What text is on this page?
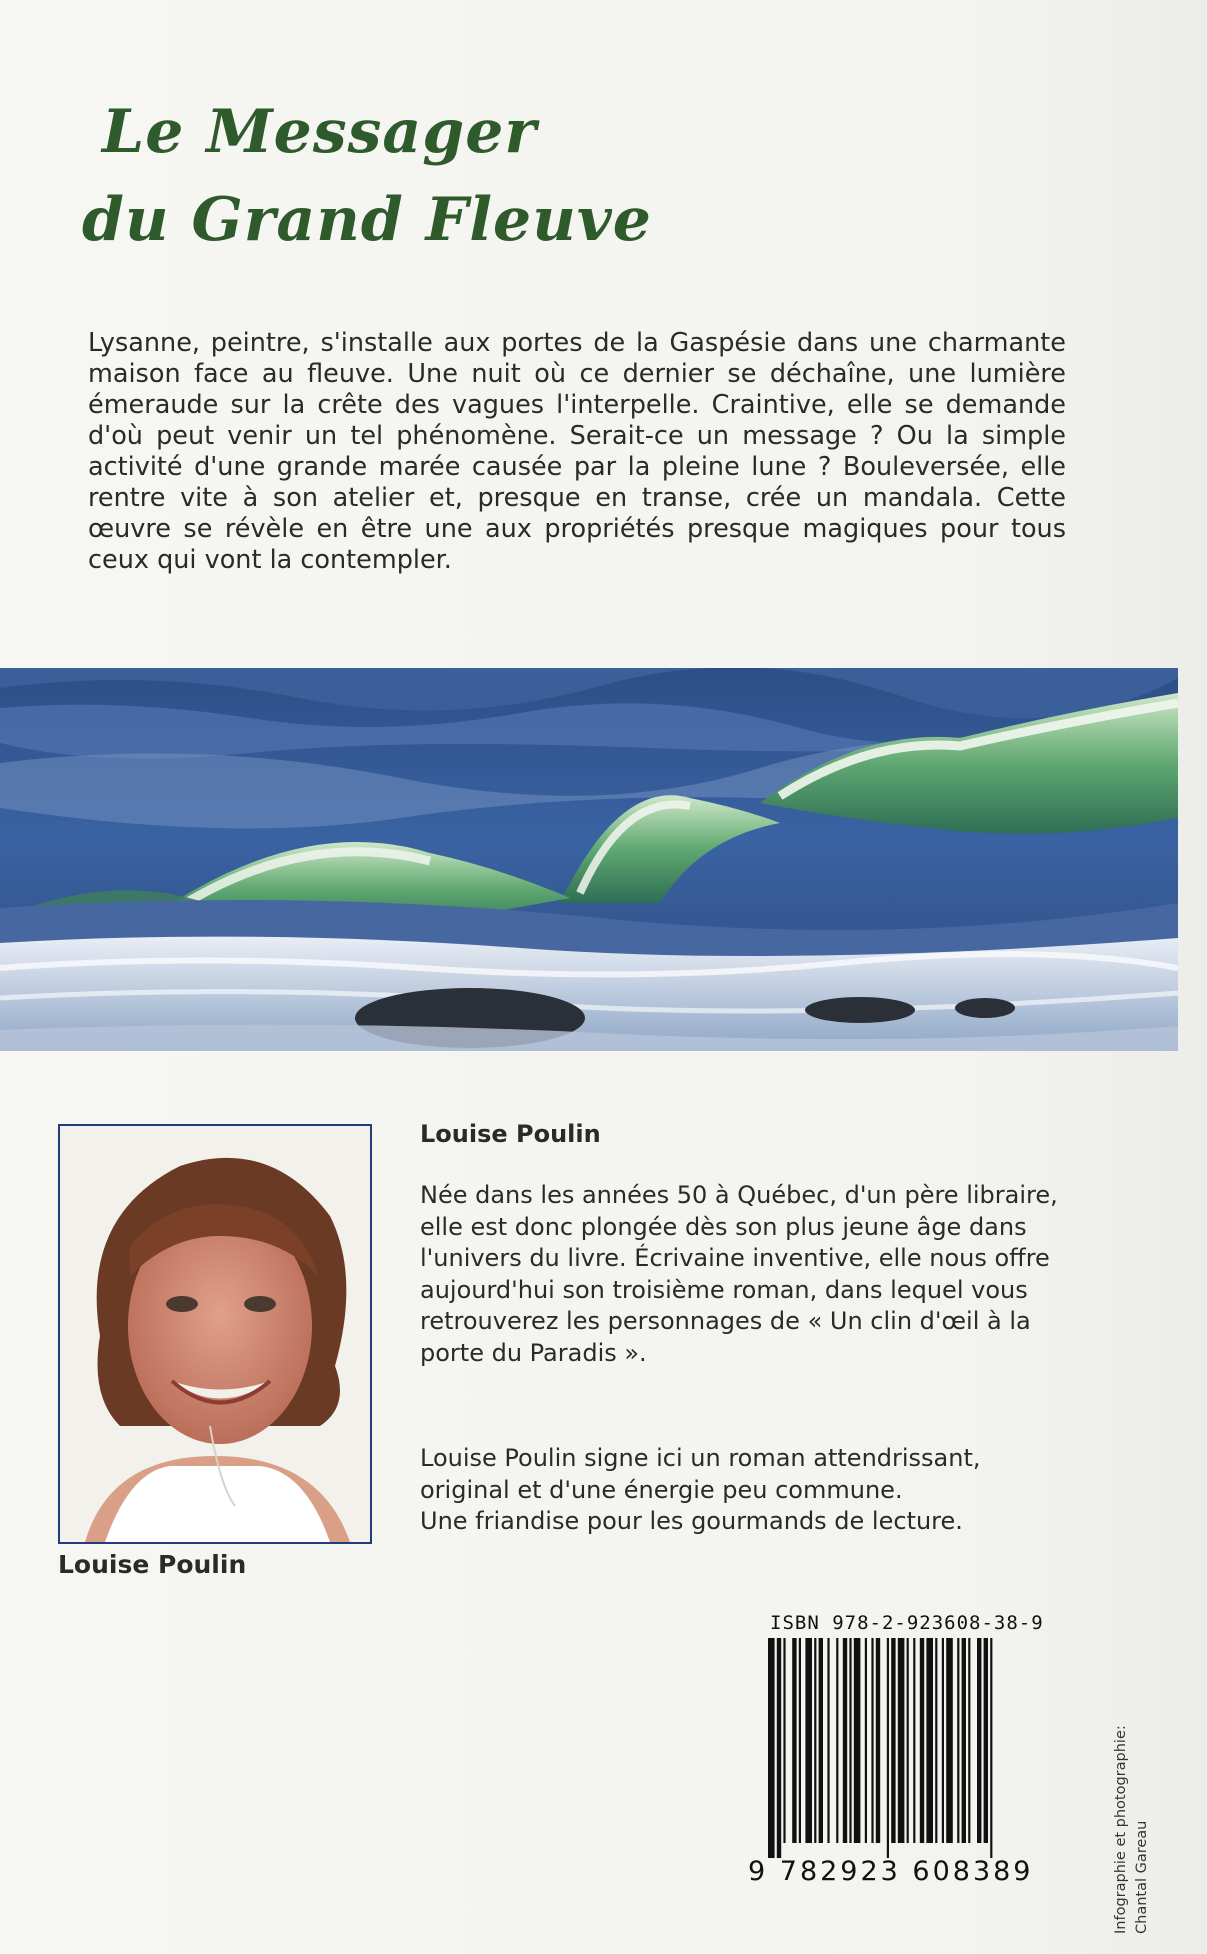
Le Messager
du Grand Fleuve

Lysanne, peintre, s'installe aux portes de la Gaspésie dans une charmante maison face au fleuve. Une nuit où ce dernier se déchaîne, une lumière émeraude sur la crête des vagues l'interpelle. Craintive, elle se demande d'où peut venir un tel phénomène. Serait-ce un message ? Ou la simple activité d'une grande marée causée par la pleine lune ? Bouleversée, elle rentre vite à son atelier et, presque en transe, crée un mandala. Cette œuvre se révèle en être une aux propriétés presque magiques pour tous ceux qui vont la contempler.

Louise Poulin

Louise Poulin

Née dans les années 50 à Québec, d'un père libraire, elle est donc plongée dès son plus jeune âge dans l'univers du livre. Écrivaine inventive, elle nous offre aujourd'hui son troisième roman, dans lequel vous retrouverez les personnages de « Un clin d'œil à la porte du Paradis ».

Louise Poulin signe ici un roman attendrissant,
original et d'une énergie peu commune.
Une friandise pour les gourmands de lecture.

ISBN 978-2-923608-38-9

9 782923 608389	Infographie et photographie: Chantal Gareau
